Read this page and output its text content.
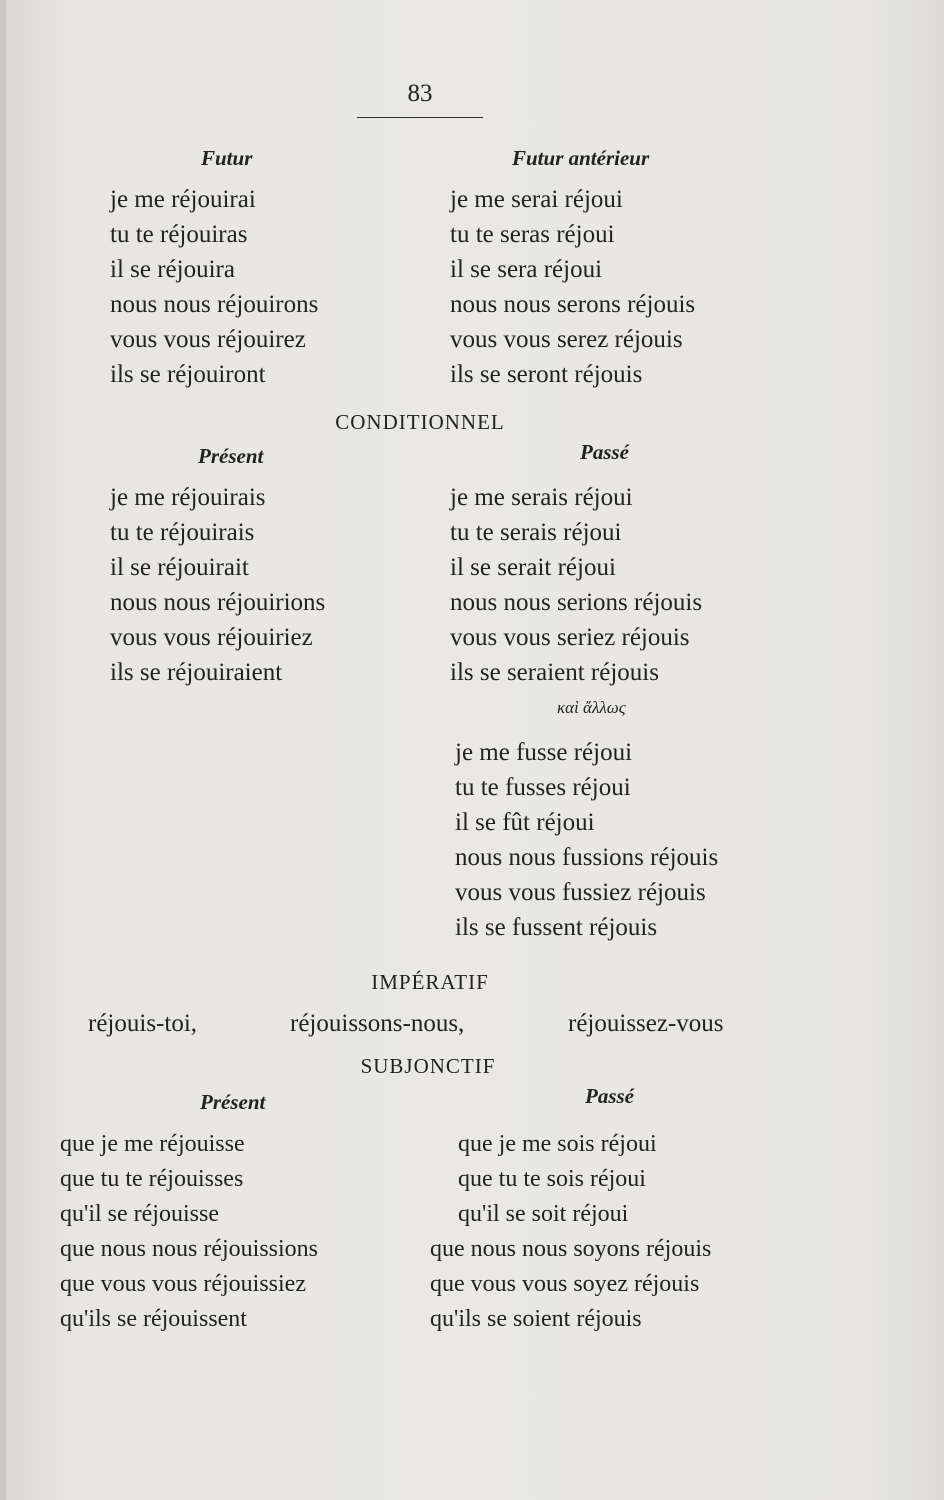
83
Futur
je me réjouirai
tu te réjouiras
il se réjouira
nous nous réjouirons
vous vous réjouirez
ils se réjouiront
Futur antérieur
je me serai réjoui
tu te seras réjoui
il se sera réjoui
nous nous serons réjouis
vous vous serez réjouis
ils se seront réjouis
CONDITIONNEL
Présent
je me réjouirais
tu te réjouirais
il se réjouirait
nous nous réjouirions
vous vous réjouiriez
ils se réjouiraient
Passé
je me serais réjoui
tu te serais réjoui
il se serait réjoui
nous nous serions réjouis
vous vous seriez réjouis
ils se seraient réjouis
καὶ ἄλλως
je me fusse réjoui
tu te fusses réjoui
il se fût réjoui
nous nous fussions réjouis
vous vous fussiez réjouis
ils se fussent réjouis
IMPÉRATIF
réjouis-toi,	réjouissons-nous,	réjouissez-vous
SUBJONCTIF
Présent
que je me réjouisse
que tu te réjouisses
qu'il se réjouisse
que nous nous réjouissions
que vous vous réjouissiez
qu'ils se réjouissent
Passé
que je me sois réjoui
que tu te sois réjoui
qu'il se soit réjoui
que nous nous soyons réjouis
que vous vous soyez réjouis
qu'ils se soient réjouis
